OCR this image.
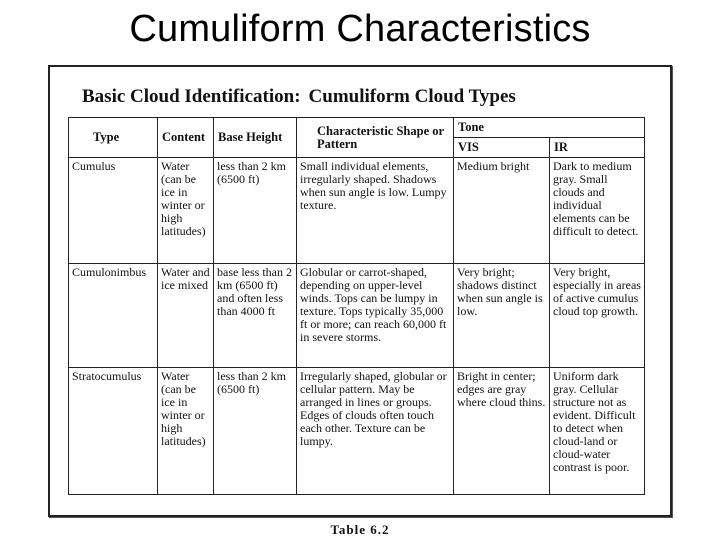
Cumuliform Characteristics
Basic Cloud Identification: Cumuliform Cloud Types
Type	Content	Base Height	Characteristic Shape or Pattern	Tone	
				VIS	IR
Cumulus	Water (can be ice in winter or high latitudes)	less than 2 km (6500 ft)	Small individual elements, irregularly shaped. Shadows when sun angle is low. Lumpy texture.	Medium bright	Dark to medium gray. Small clouds and individual elements can be difficult to detect.
Cumulonimbus	Water and ice mixed	base less than 2 km (6500 ft) and often less than 4000 ft	Globular or carrot-shaped, depending on upper-level winds. Tops can be lumpy in texture. Tops typically 35,000 ft or more; can reach 60,000 ft in severe storms.	Very bright; shadows distinct when sun angle is low.	Very bright, especially in areas of active cumulus cloud top growth.
Stratocumulus	Water (can be ice in winter or high latitudes)	less than 2 km (6500 ft)	Irregularly shaped, globular or cellular pattern. May be arranged in lines or groups. Edges of clouds often touch each other. Texture can be lumpy.	Bright in center; edges are gray where cloud thins.	Uniform dark gray. Cellular structure not as evident. Difficult to detect when cloud-land or cloud-water contrast is poor.
Table 6.2
